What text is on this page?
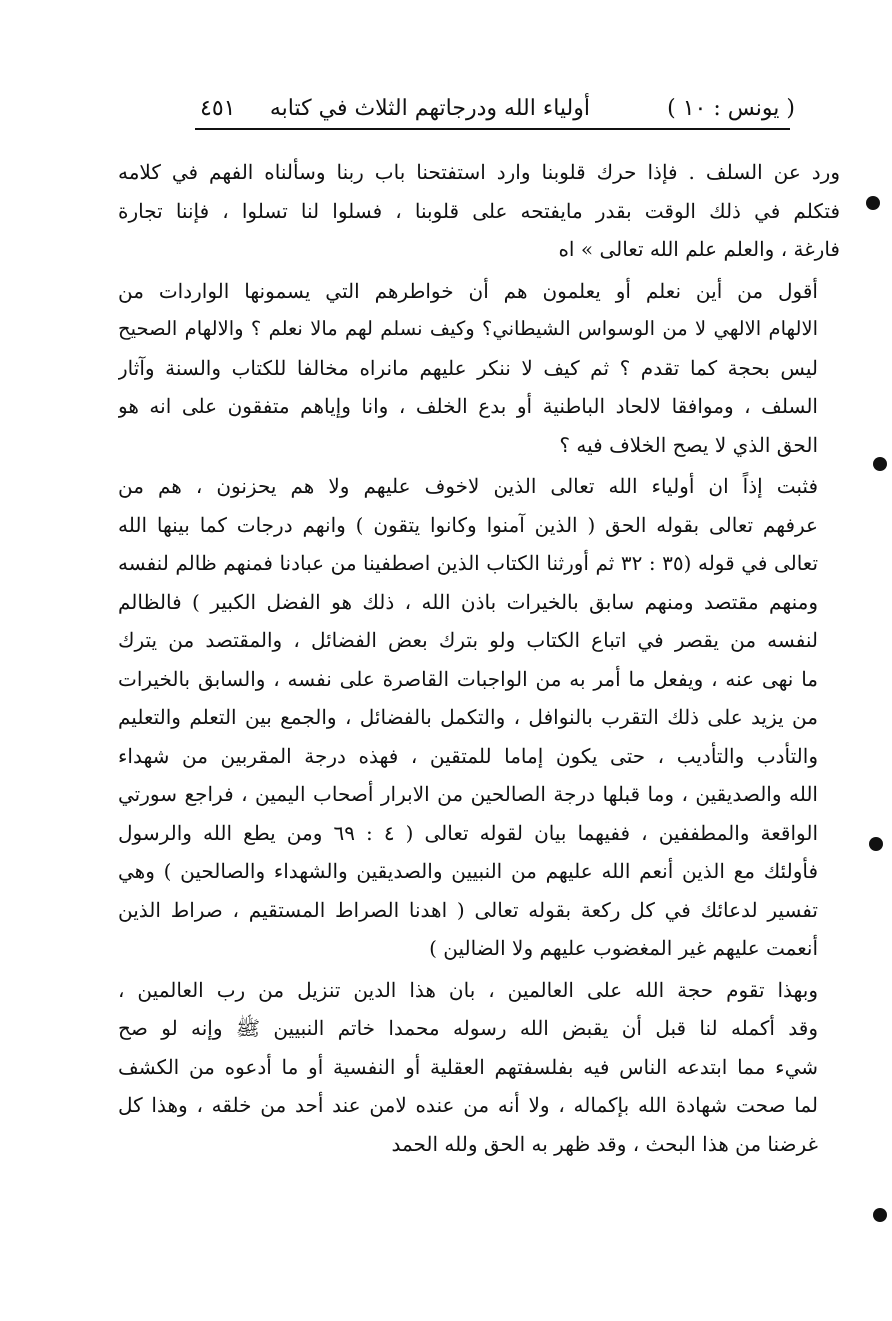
( يونس : ١٠ )
أولياء الله ودرجاتهم الثلاث في كتابه
٤٥١
ورد عن السلف . فإذا حرك قلوبنا وارد استفتحنا باب ربنا وسألناه الفهم في كلامه
فتكلم في ذلك الوقت بقدر مايفتحه على قلوبنا ، فسلوا لنا تسلوا ، فإننا تجارة
فارغة ، والعلم علم الله تعالى » اه
أقول من أين نعلم أو يعلمون هم أن خواطرهم التي يسمونها الواردات من
الالهام الالهي لا من الوسواس الشيطاني؟ وكيف نسلم لهم مالا نعلم ؟ والالهام الصحيح
ليس بحجة كما تقدم ؟ ثم كيف لا ننكر عليهم مانراه مخالفا للكتاب والسنة وآثار
السلف ، وموافقا لالحاد الباطنية أو بدع الخلف ، وانا وإياهم متفقون على انه هو
الحق الذي لا يصح الخلاف فيه ؟
فثبت إذاً ان أولياء الله تعالى الذين لاخوف عليهم ولا هم يحزنون ، هم من
عرفهم تعالى بقوله الحق ( الذين آمنوا وكانوا يتقون ) وانهم درجات كما بينها الله
تعالى في قوله (٣٥ : ٣٢ ثم أورثنا الكتاب الذين اصطفينا من عبادنا فمنهم ظالم لنفسه
ومنهم مقتصد ومنهم سابق بالخيرات باذن الله ، ذلك هو الفضل الكبير ) فالظالم
لنفسه من يقصر في اتباع الكتاب ولو بترك بعض الفضائل ، والمقتصد من يترك
ما نهى عنه ، ويفعل ما أمر به من الواجبات القاصرة على نفسه ، والسابق بالخيرات
من يزيد على ذلك التقرب بالنوافل ، والتكمل بالفضائل ، والجمع بين التعلم والتعليم
والتأدب والتأديب ، حتى يكون إماما للمتقين ، فهذه درجة المقربين من شهداء
الله والصديقين ، وما قبلها درجة الصالحين من الابرار أصحاب اليمين ، فراجع سورتي
الواقعة والمطففين ، ففيهما بيان لقوله تعالى ( ٤ : ٦٩ ومن يطع الله والرسول
فأولئك مع الذين أنعم الله عليهم من النبيين والصديقين والشهداء والصالحين ) وهي
تفسير لدعائك في كل ركعة بقوله تعالى ( اهدنا الصراط المستقيم ، صراط الذين
أنعمت عليهم غير المغضوب عليهم ولا الضالين )
وبهذا تقوم حجة الله على العالمين ، بان هذا الدين تنزيل من رب العالمين ،
وقد أكمله لنا قبل أن يقبض الله رسوله محمدا خاتم النبيين ﷺ وإنه لو صح
شيء مما ابتدعه الناس فيه بفلسفتهم العقلية أو النفسية أو ما أدعوه من الكشف
لما صحت شهادة الله بإكماله ، ولا أنه من عنده لامن عند أحد من خلقه ، وهذا كل
غرضنا من هذا البحث ، وقد ظهر به الحق ولله الحمد
